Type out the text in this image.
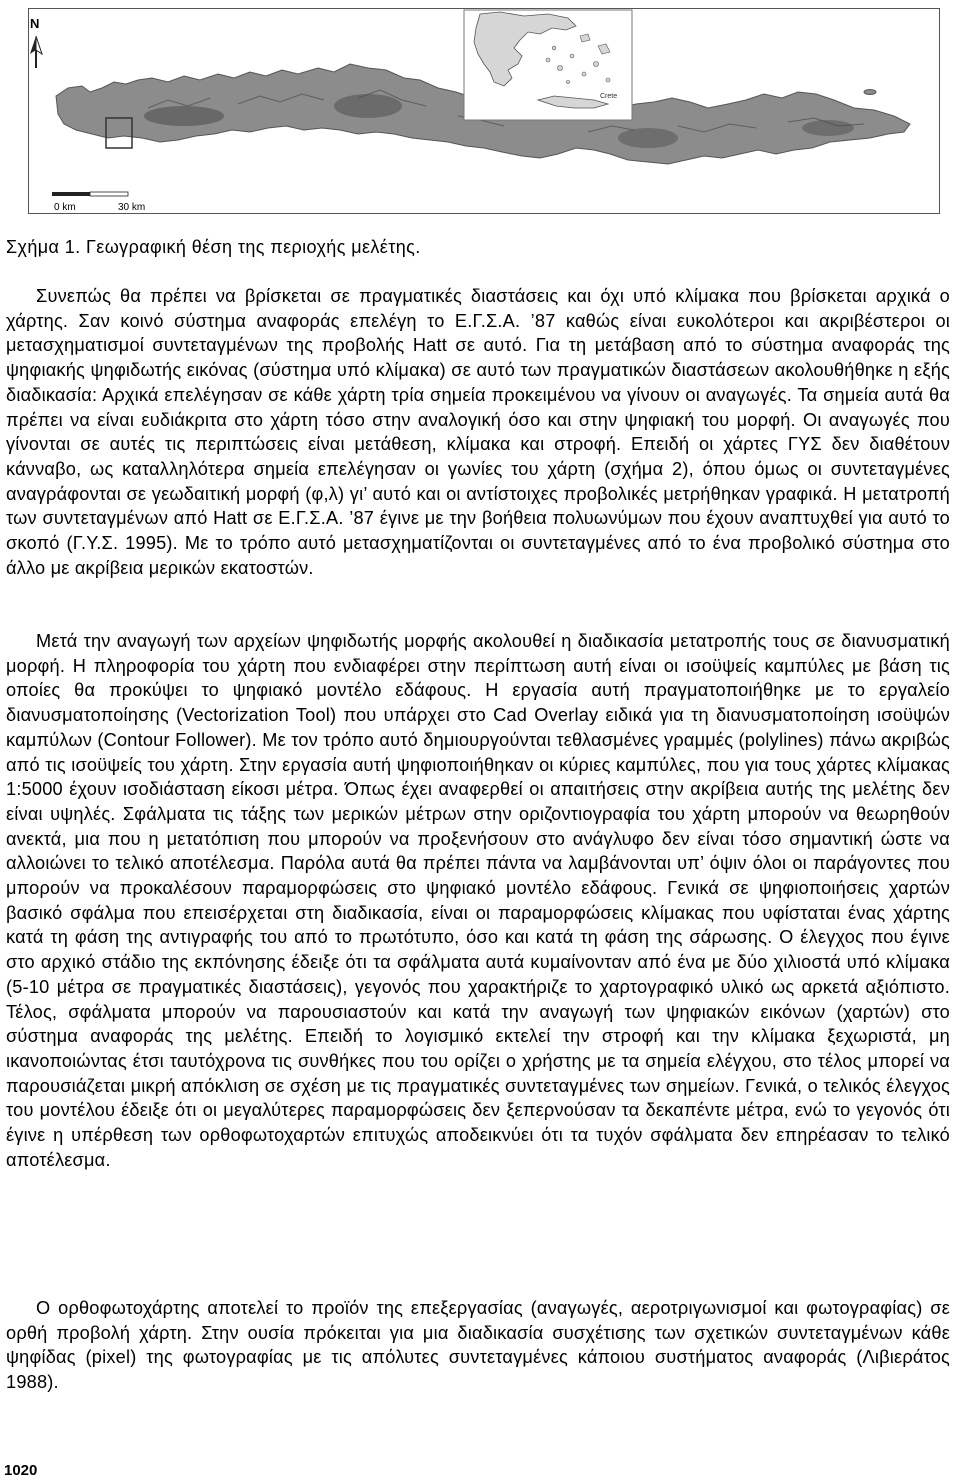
N
Crete
0 km	30 km
Σχήμα 1. Γεωγραφική θέση της περιοχής μελέτης.

Συνεπώς θα πρέπει να βρίσκεται σε πραγματικές διαστάσεις και όχι υπό κλίμακα που βρίσκεται αρχικά ο χάρτης. Σαν κοινό σύστημα αναφοράς επελέγη το Ε.Γ.Σ.Α. ’87 καθώς είναι ευκολότεροι και ακριβέστεροι οι μετασχηματισμοί συντεταγμένων της προβολής Hatt σε αυτό. Για τη μετάβαση από το σύστημα αναφοράς της ψηφιακής ψηφιδωτής εικόνας (σύστημα υπό κλίμακα) σε αυτό των πραγματικών διαστάσεων ακολουθήθηκε η εξής διαδικασία: Αρχικά επελέγησαν σε κάθε χάρτη τρία σημεία προκειμένου να γίνουν οι αναγωγές. Τα σημεία αυτά θα πρέπει να είναι ευδιάκριτα στο χάρτη τόσο στην αναλογική όσο και στην ψηφιακή του μορφή. Οι αναγωγές που γίνονται σε αυτές τις περιπτώσεις είναι μετάθεση, κλίμακα και στροφή. Επειδή οι χάρτες ΓΥΣ δεν διαθέτουν κάνναβο, ως καταλληλότερα σημεία επελέγησαν οι γωνίες του χάρτη (σχήμα 2), όπου όμως οι συντεταγμένες αναγράφονται σε γεωδαιτική μορφή (φ,λ) γι’ αυτό και οι αντίστοιχες προβολικές μετρήθηκαν γραφικά. Η μετατροπή των συντεταγμένων από Hatt σε Ε.Γ.Σ.Α. ’87 έγινε με την βοήθεια πολυωνύμων που έχουν αναπτυχθεί για αυτό το σκοπό (Γ.Υ.Σ. 1995). Με το τρόπο αυτό μετασχηματίζονται οι συντεταγμένες από το ένα προβολικό σύστημα στο άλλο με ακρίβεια μερικών εκατοστών.

Μετά την αναγωγή των αρχείων ψηφιδωτής μορφής ακολουθεί η διαδικασία μετατροπής τους σε διανυσματική μορφή. Η πληροφορία του χάρτη που ενδιαφέρει στην περίπτωση αυτή είναι οι ισοϋψείς καμπύλες με βάση τις οποίες θα προκύψει το ψηφιακό μοντέλο εδάφους. Η εργασία αυτή πραγματοποιήθηκε με το εργαλείο διανυσματοποίησης (Vectorization Tool) που υπάρχει στο Cad Overlay ειδικά για τη διανυσματοποίηση ισοϋψών καμπύλων (Contour Follower). Με τον τρόπο αυτό δημιουργούνται τεθλασμένες γραμμές (polylines) πάνω ακριβώς από τις ισοϋψείς του χάρτη. Στην εργασία αυτή ψηφιοποιήθηκαν οι κύριες καμπύλες, που για τους χάρτες κλίμακας 1:5000 έχουν ισοδιάσταση είκοσι μέτρα. Όπως έχει αναφερθεί οι απαιτήσεις στην ακρίβεια αυτής της μελέτης δεν είναι υψηλές. Σφάλματα τις τάξης των μερικών μέτρων στην οριζοντιογραφία του χάρτη μπορούν να θεωρηθούν ανεκτά, μια που η μετατόπιση που μπορούν να προξενήσουν στο ανάγλυφο δεν είναι τόσο σημαντική ώστε να αλλοιώνει το τελικό αποτέλεσμα. Παρόλα αυτά θα πρέπει πάντα να λαμβάνονται υπ’ όψιν όλοι οι παράγοντες που μπορούν να προκαλέσουν παραμορφώσεις στο ψηφιακό μοντέλο εδάφους. Γενικά σε ψηφιοποιήσεις χαρτών βασικό σφάλμα που επεισέρχεται στη διαδικασία, είναι οι παραμορφώσεις κλίμακας που υφίσταται ένας χάρτης κατά τη φάση της αντιγραφής του από το πρωτότυπο, όσο και κατά τη φάση της σάρωσης. Ο έλεγχος που έγινε στο αρχικό στάδιο της εκπόνησης έδειξε ότι τα σφάλματα αυτά κυμαίνονταν από ένα με δύο χιλιοστά υπό κλίμακα (5-10 μέτρα σε πραγματικές διαστάσεις), γεγονός που χαρακτήριζε το χαρτογραφικό υλικό ως αρκετά αξιόπιστο. Τέλος, σφάλματα μπορούν να παρουσιαστούν και κατά την αναγωγή των ψηφιακών εικόνων (χαρτών) στο σύστημα αναφοράς της μελέτης. Επειδή το λογισμικό εκτελεί την στροφή και την κλίμακα ξεχωριστά, μη ικανοποιώντας έτσι ταυτόχρονα τις συνθήκες που του ορίζει ο χρήστης με τα σημεία ελέγχου, στο τέλος μπορεί να παρουσιάζεται μικρή απόκλιση σε σχέση με τις πραγματικές συντεταγμένες των σημείων. Γενικά, ο τελικός έλεγχος του μοντέλου έδειξε ότι οι μεγαλύτερες παραμορφώσεις δεν ξεπερνούσαν τα δεκαπέντε μέτρα, ενώ το γεγονός ότι έγινε η υπέρθεση των ορθοφωτοχαρτών επιτυχώς αποδεικνύει ότι τα τυχόν σφάλματα δεν επηρέασαν το τελικό αποτέλεσμα.

Ο ορθοφωτοχάρτης αποτελεί το προϊόν της επεξεργασίας (αναγωγές, αεροτριγωνισμοί και φωτογραφίας) σε ορθή προβολή χάρτη. Στην ουσία πρόκειται για μια διαδικασία συσχέτισης των σχετικών συντεταγμένων κάθε ψηφίδας (pixel) της φωτογραφίας με τις απόλυτες συντεταγμένες κάποιου συστήματος αναφοράς (Λιβιεράτος 1988).

1020
